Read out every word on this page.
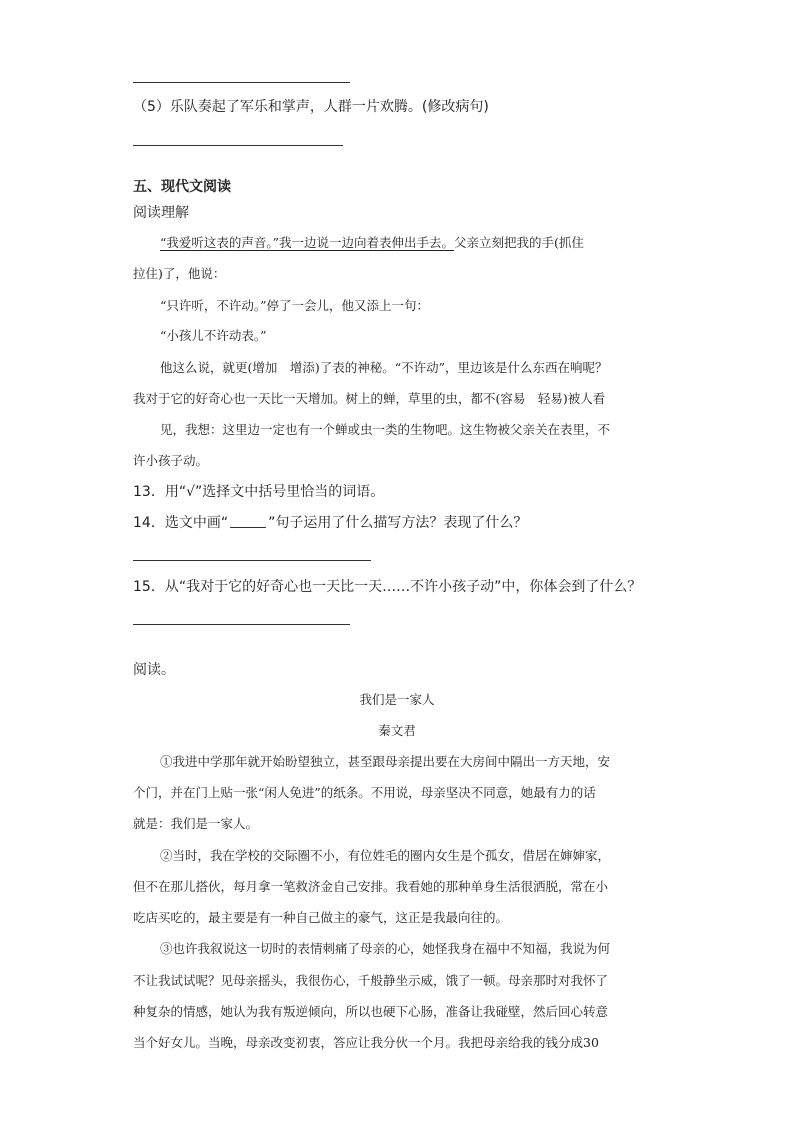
（5）乐队奏起了军乐和掌声，人群一片欢腾。(修改病句)
五、现代文阅读
阅读理解
“我爱听这表的声音。”我一边说一边向着表伸出手去。父亲立刻把我的手(抓住
拉住)了，他说：
“只许听，不许动。”停了一会儿，他又添上一句：
“小孩儿不许动表。”
他这么说，就更(增加　增添)了表的神秘。“不许动”，里边该是什么东西在响呢？
我对于它的好奇心也一天比一天增加。树上的蝉，草里的虫，都不(容易　轻易)被人看
见，我想：这里边一定也有一个蝉或虫一类的生物吧。这生物被父亲关在表里，不
许小孩子动。
13．用“√”选择文中括号里恰当的词语。
14．选文中画“	”句子运用了什么描写方法？表现了什么？
15．从“我对于它的好奇心也一天比一天……不许小孩子动”中，你体会到了什么？
阅读。
我们是一家人
秦文君
①我进中学那年就开始盼望独立，甚至跟母亲提出要在大房间中隔出一方天地，安
个门，并在门上贴一张“闲人免进”的纸条。不用说，母亲坚决不同意，她最有力的话
就是：我们是一家人。
②当时，我在学校的交际圈不小，有位姓毛的圈内女生是个孤女，借居在婶婶家，
但不在那儿搭伙，每月拿一笔救济金自己安排。我看她的那种单身生活很洒脱，常在小
吃店买吃的，最主要是有一种自己做主的豪气，这正是我最向往的。
③也许我叙说这一切时的表情刺痛了母亲的心，她怪我身在福中不知福，我说为何
不让我试试呢？见母亲摇头，我很伤心，千般静坐示威，饿了一顿。母亲那时对我怀了
种复杂的情感，她认为我有叛逆倾向，所以也硬下心肠，准备让我碰壁，然后回心转意
当个好女儿。当晚，母亲改变初衷，答应让我分伙一个月。我把母亲给我的钱分成30
